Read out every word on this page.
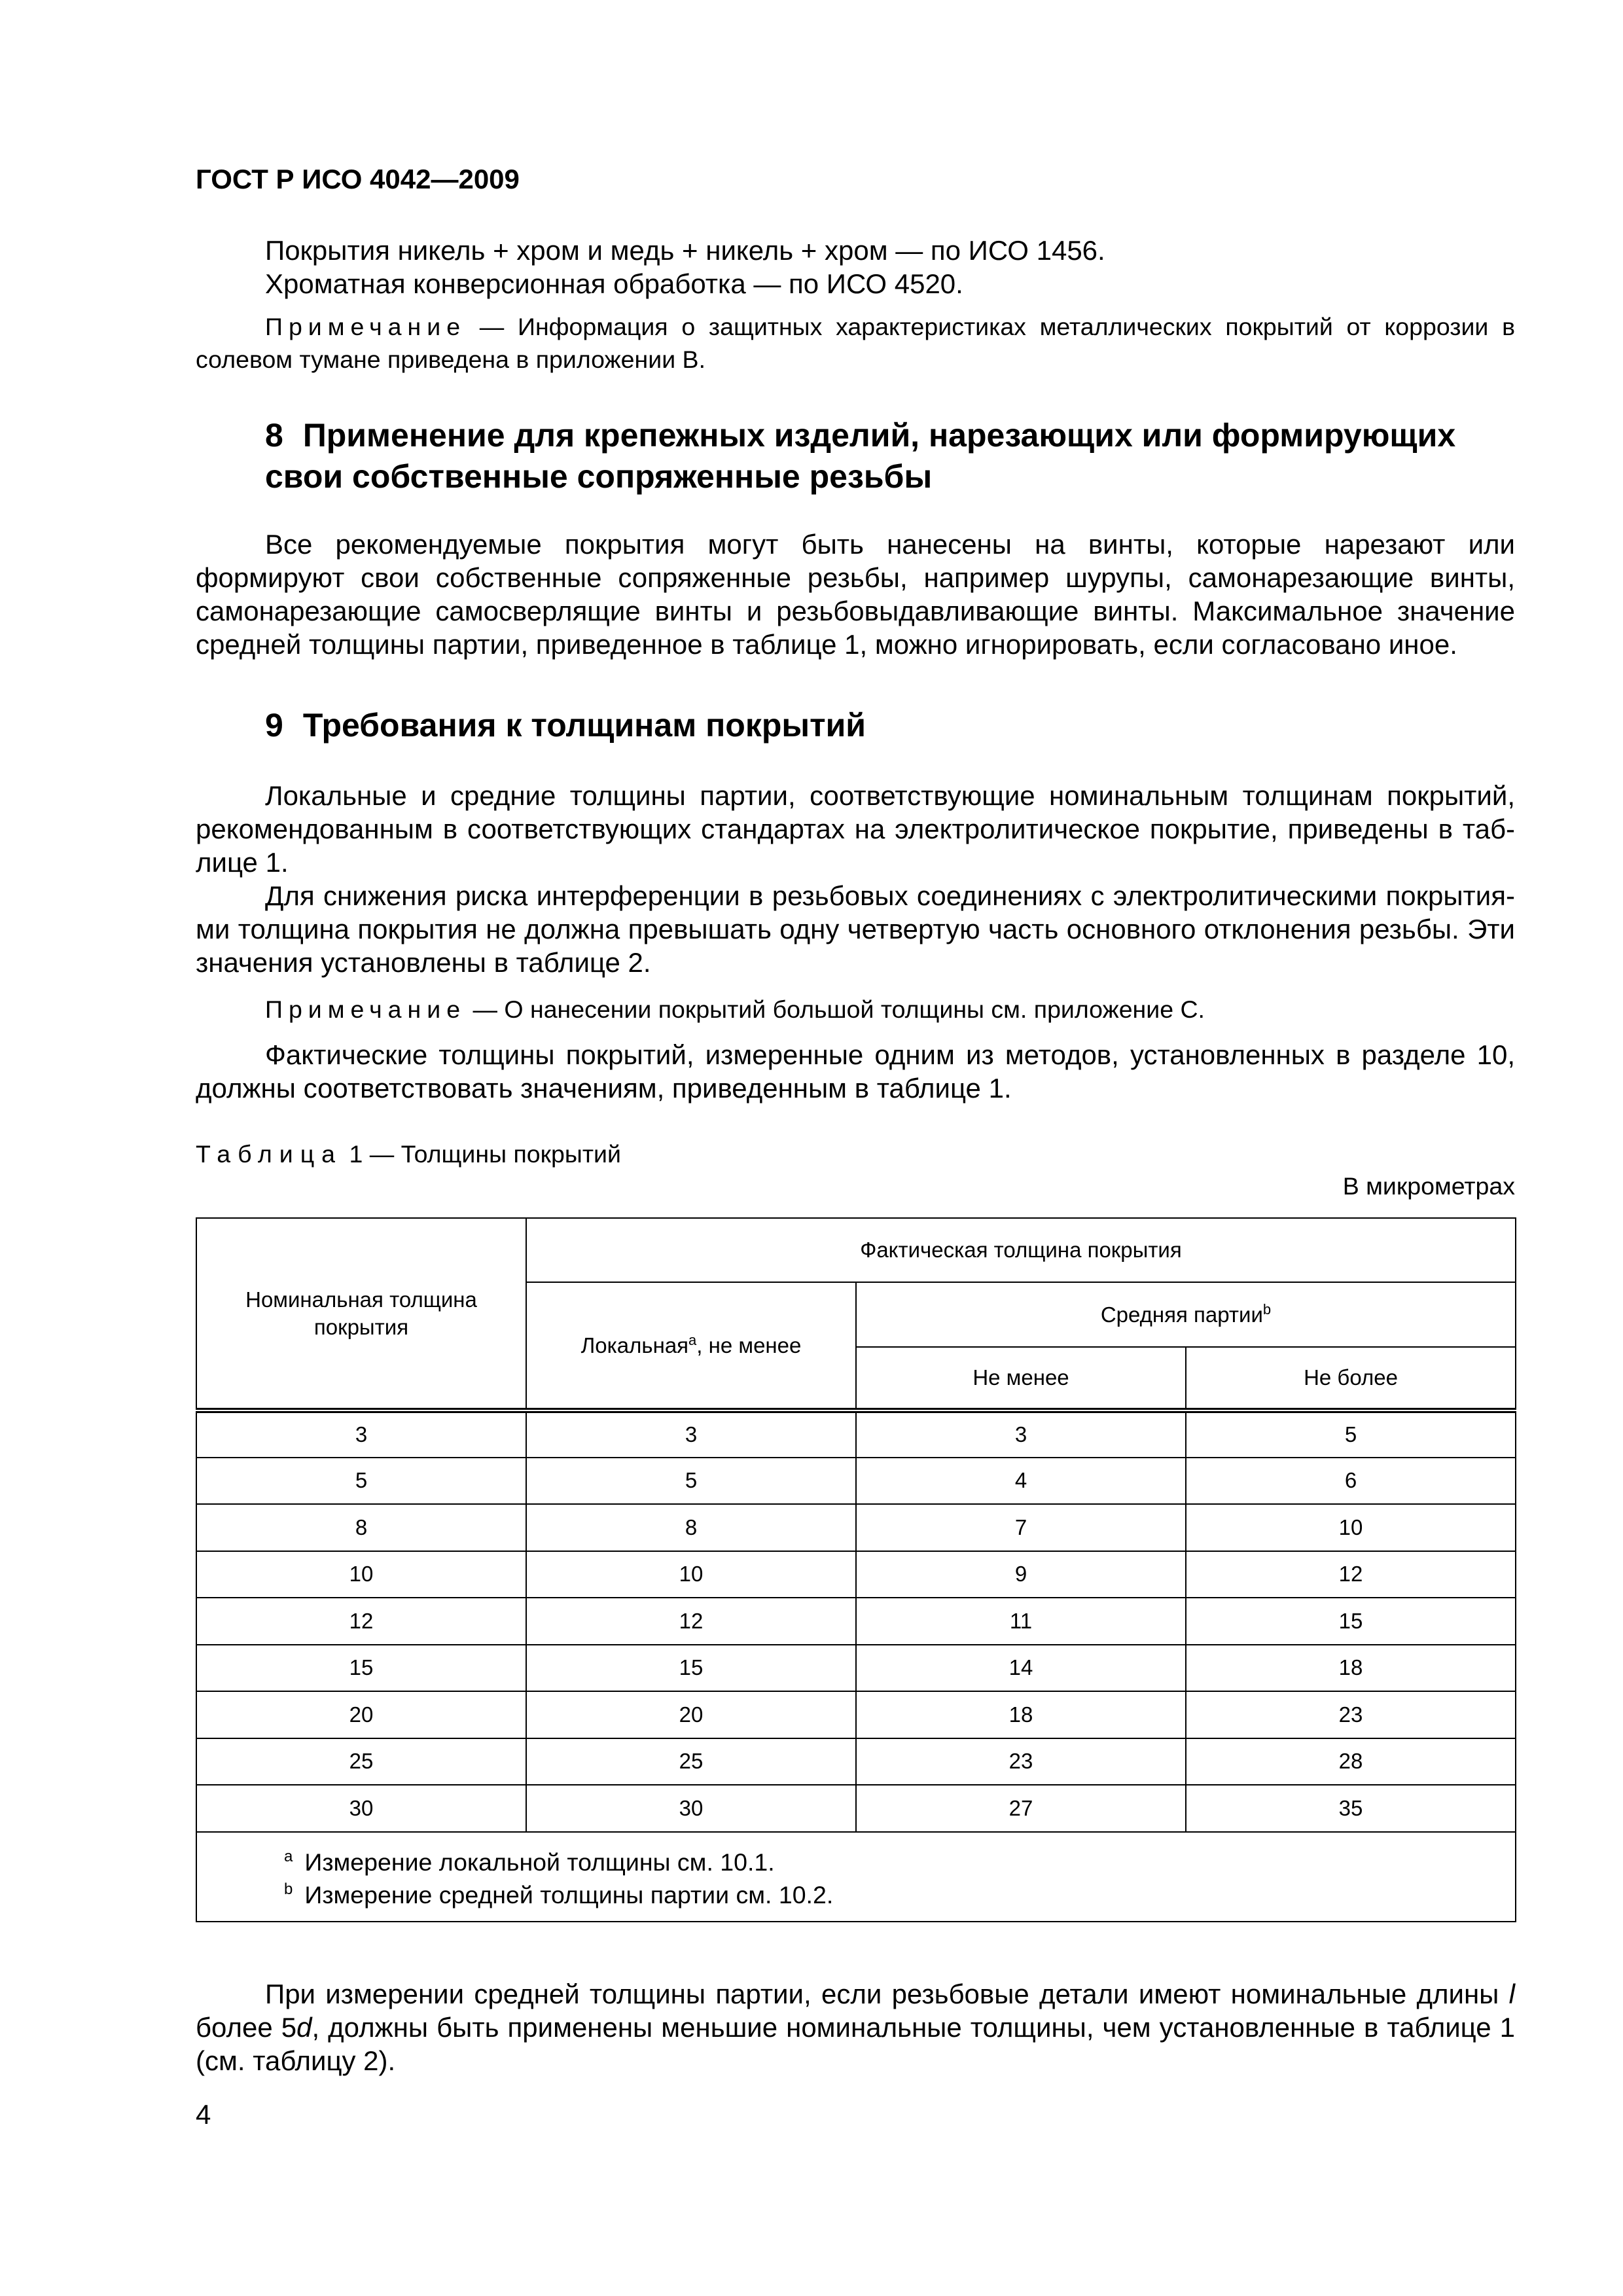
ГОСТ Р ИСО 4042—2009
Покрытия никель + хром и медь + никель + хром — по ИСО 1456.
Хроматная конверсионная обработка — по ИСО 4520.
Примечание — Информация о защитных характеристиках металлических покрытий от коррозии в солевом тумане приведена в приложении В.
8 Применение для крепежных изделий, нарезающих или формирующих свои собственные сопряженные резьбы
Все рекомендуемые покрытия могут быть нанесены на винты, которые нарезают или формируют свои собственные сопряженные резьбы, например шурупы, самонарезающие винты, самонарезающие самосверлящие винты и резьбовыдавливающие винты. Максимальное значение средней толщины партии, приведенное в таблице 1, можно игнорировать, если согласовано иное.
9 Требования к толщинам покрытий
Локальные и средние толщины партии, соответствующие номинальным толщинам покрытий, рекомендованным в соответствующих стандартах на электролитическое покрытие, приведены в таблице 1.
Для снижения риска интерференции в резьбовых соединениях с электролитическими покрытиями толщина покрытия не должна превышать одну четвертую часть основного отклонения резьбы. Эти значения установлены в таблице 2.
Примечание — О нанесении покрытий большой толщины см. приложение С.
Фактические толщины покрытий, измеренные одним из методов, установленных в разделе 10, должны соответствовать значениям, приведенным в таблице 1.
Таблица 1 — Толщины покрытий
В микрометрах
Номинальная толщина покрытия	Фактическая толщина покрытия		
	Локальная$^a$, не менее	Средняя партии$^b$
		Не менее	Не более
3	3	3	5
5	5	4	6
8	8	7	10
10	10	9	12
12	12	11	15
15	15	14	18
20	20	18	23
25	25	23	28
30	30	27	35

a Измерение локальной толщины см. 10.1.
b Измерение средней толщины партии см. 10.2.			
При измерении средней толщины партии, если резьбовые детали имеют номинальные длины l более 5d, должны быть применены меньшие номинальные толщины, чем установленные в таблице 1 (см. таблицу 2).
4
